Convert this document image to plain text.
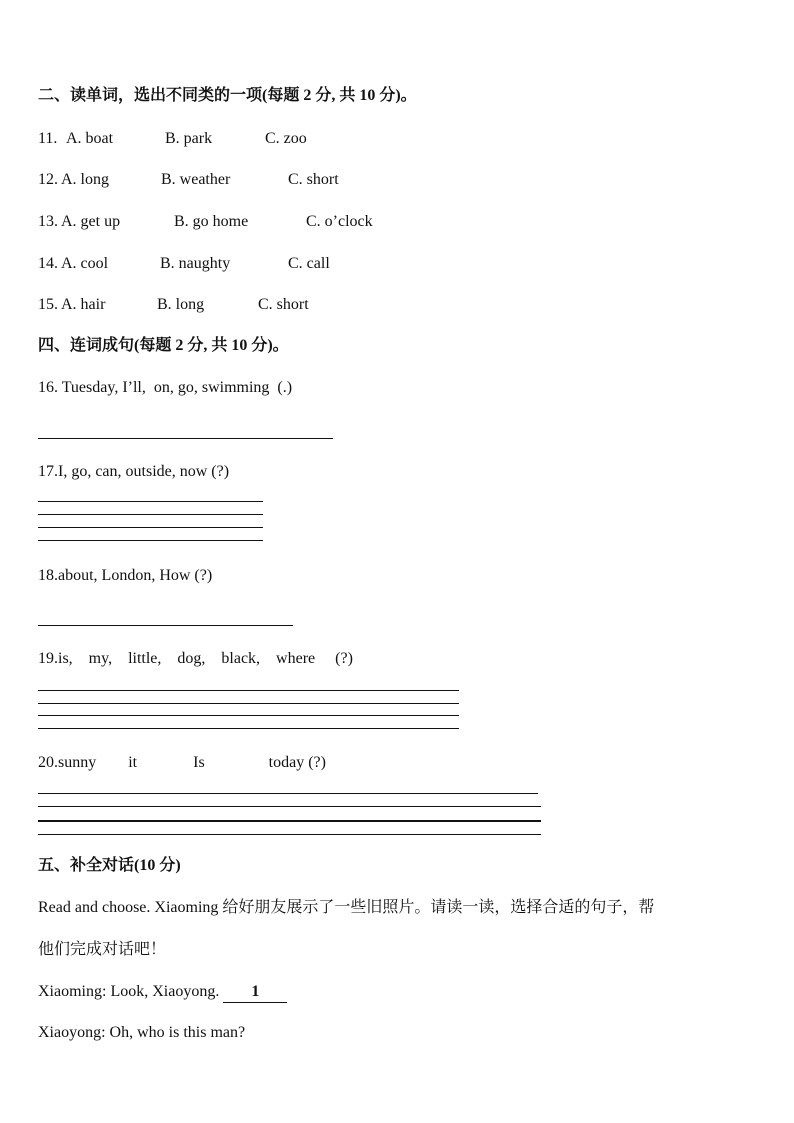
二、读单词，选出不同类的一项(每题 2 分, 共 10 分)。
11. A. boat	B. park	C. zoo
12. A. long	B. weather	C. short
13. A. get up	B. go home	C. o’clock
14. A. cool	B. naughty	C. call
15. A. hair	B. long	C. short
四、连词成句(每题 2 分, 共 10 分)。
16. Tuesday, I’ll,  on, go, swimming  (.)
17.I, go, can, outside, now (?)
18.about, London, How (?)
19.is,    my,    little,    dog,    black,    where     (?)
20.sunny        it              Is                today (?)
五、补全对话(10 分)
Read and choose. Xiaoming 给好朋友展示了一些旧照片。请读一读，选择合适的句子，帮
他们完成对话吧！
Xiaoming: Look, Xiaoyong. 1
Xiaoyong: Oh, who is this man?
